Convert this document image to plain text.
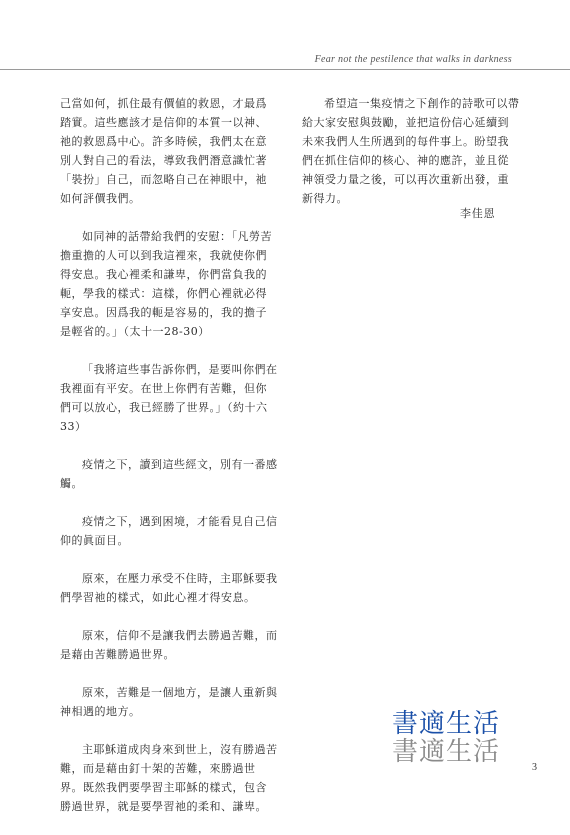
Fear not the pestilence that walks in darkness

己當如何，抓住最有價値的救恩，才最爲踏實。這些應該才是信仰的本質一以神、祂的救恩爲中心。許多時候，我們太在意別人對自己的看法，導致我們潛意識忙著「裝扮」自己，而忽略自己在神眼中，祂如何評價我們。

如同神的話帶給我們的安慰：「凡勞苦擔重擔的人可以到我這裡來，我就使你們得安息。我心裡柔和謙卑，你們當負我的軛，學我的樣式：這樣，你們心裡就必得享安息。因爲我的軛是容易的，我的擔子是輕省的。」（太十一28-30）

「我將這些事告訴你們，是要叫你們在我裡面有平安。在世上你們有苦難，但你們可以放心，我已經勝了世界。」（約十六 33）

疫情之下，讀到這些經文，別有一番感觸。

疫情之下，遇到困境，才能看見自己信仰的眞面目。

原來，在壓力承受不住時，主耶穌要我們學習祂的樣式，如此心裡才得安息。

原來，信仰不是讓我們去勝過苦難，而是藉由苦難勝過世界。

原來，苦難是一個地方，是讓人重新與神相遇的地方。

主耶穌道成肉身來到世上，沒有勝過苦難，而是藉由釘十架的苦難，來勝過世界。既然我們要學習主耶穌的樣式，包含勝過世界，就是要學習祂的柔和、謙卑。

希望這一集疫情之下創作的詩歌可以帶給大家安慰與鼓勵，並把這份信心延續到未來我們人生所遇到的每件事上。盼望我們在抓住信仰的核心、神的應許，並且從神領受力量之後，可以再次重新出發，重新得力。

李佳恩
書適生活
書適生活
3
